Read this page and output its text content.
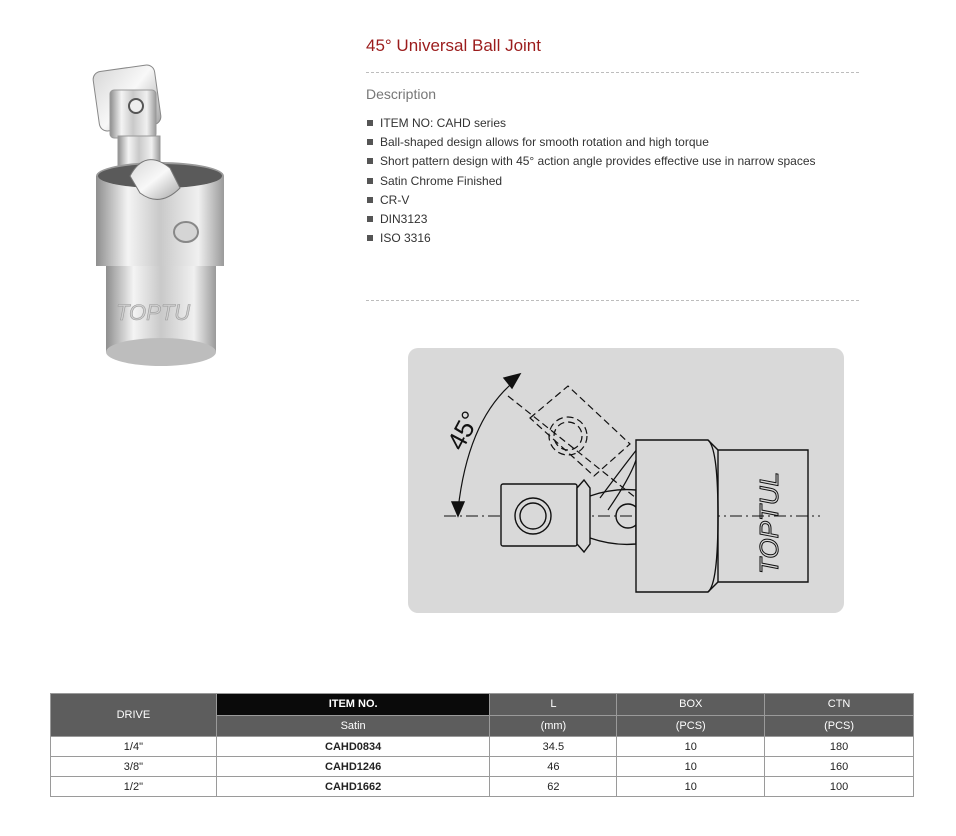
TOPTU
45° Universal Ball Joint
Description
ITEM NO: CAHD series
Ball-shaped design allows for smooth rotation and high torque
Short pattern design with 45° action angle provides effective use in narrow spaces
Satin Chrome Finished
CR-V
DIN3123
ISO 3316
45°
TOPTUL
DRIVE	ITEM NO.	L	BOX	CTN
	Satin	(mm)	(PCS)	(PCS)
1/4"	CAHD0834	34.5	10	180
3/8"	CAHD1246	46	10	160
1/2"	CAHD1662	62	10	100
